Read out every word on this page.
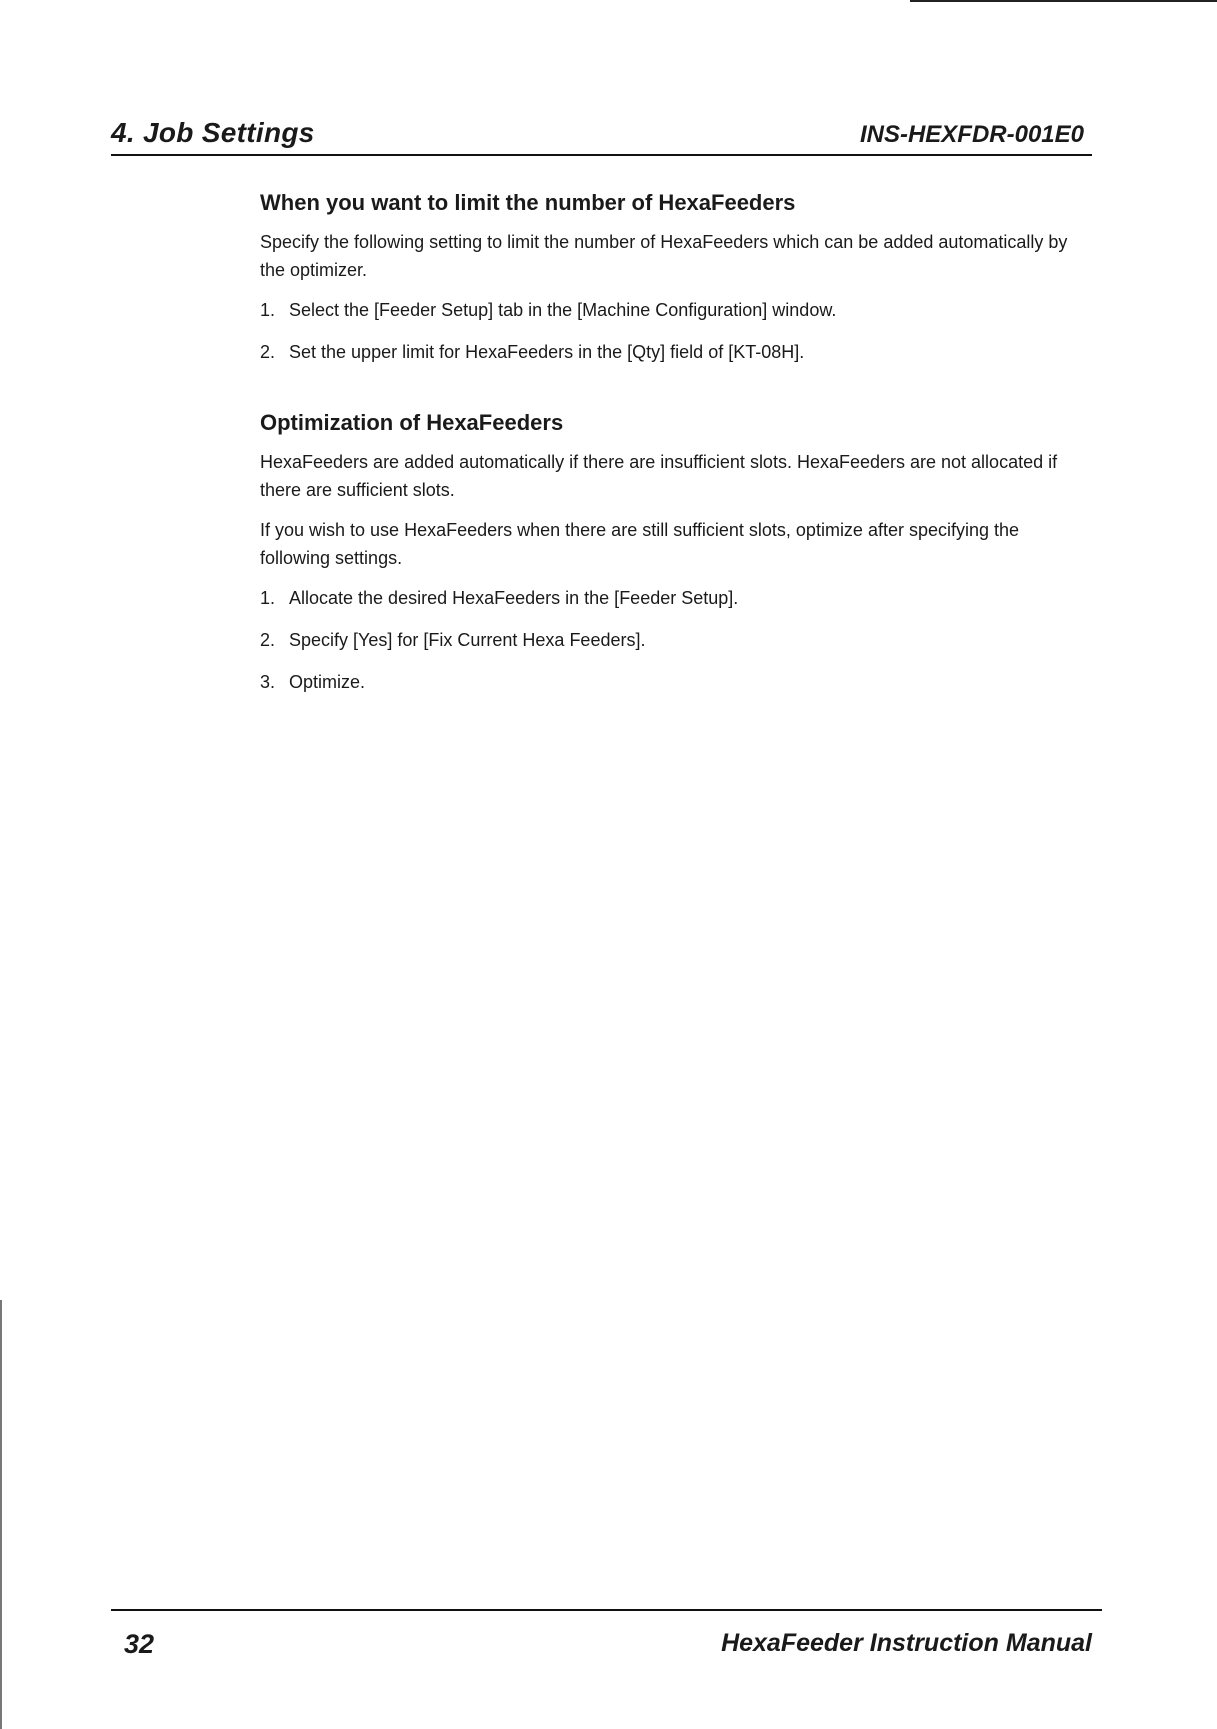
4. Job Settings	INS-HEXFDR-001E0
When you want to limit the number of HexaFeeders

Specify the following setting to limit the number of HexaFeeders which can be added automatically by the optimizer.

1. Select the [Feeder Setup] tab in the [Machine Configuration] window.
2. Set the upper limit for HexaFeeders in the [Qty] field of [KT-08H].
Optimization of HexaFeeders

HexaFeeders are added automatically if there are insufficient slots. HexaFeeders are not allocated if there are sufficient slots.

If you wish to use HexaFeeders when there are still sufficient slots, optimize after specifying the following settings.

1. Allocate the desired HexaFeeders in the [Feeder Setup].
2. Specify [Yes] for [Fix Current Hexa Feeders].
3. Optimize.
32	HexaFeeder Instruction Manual
